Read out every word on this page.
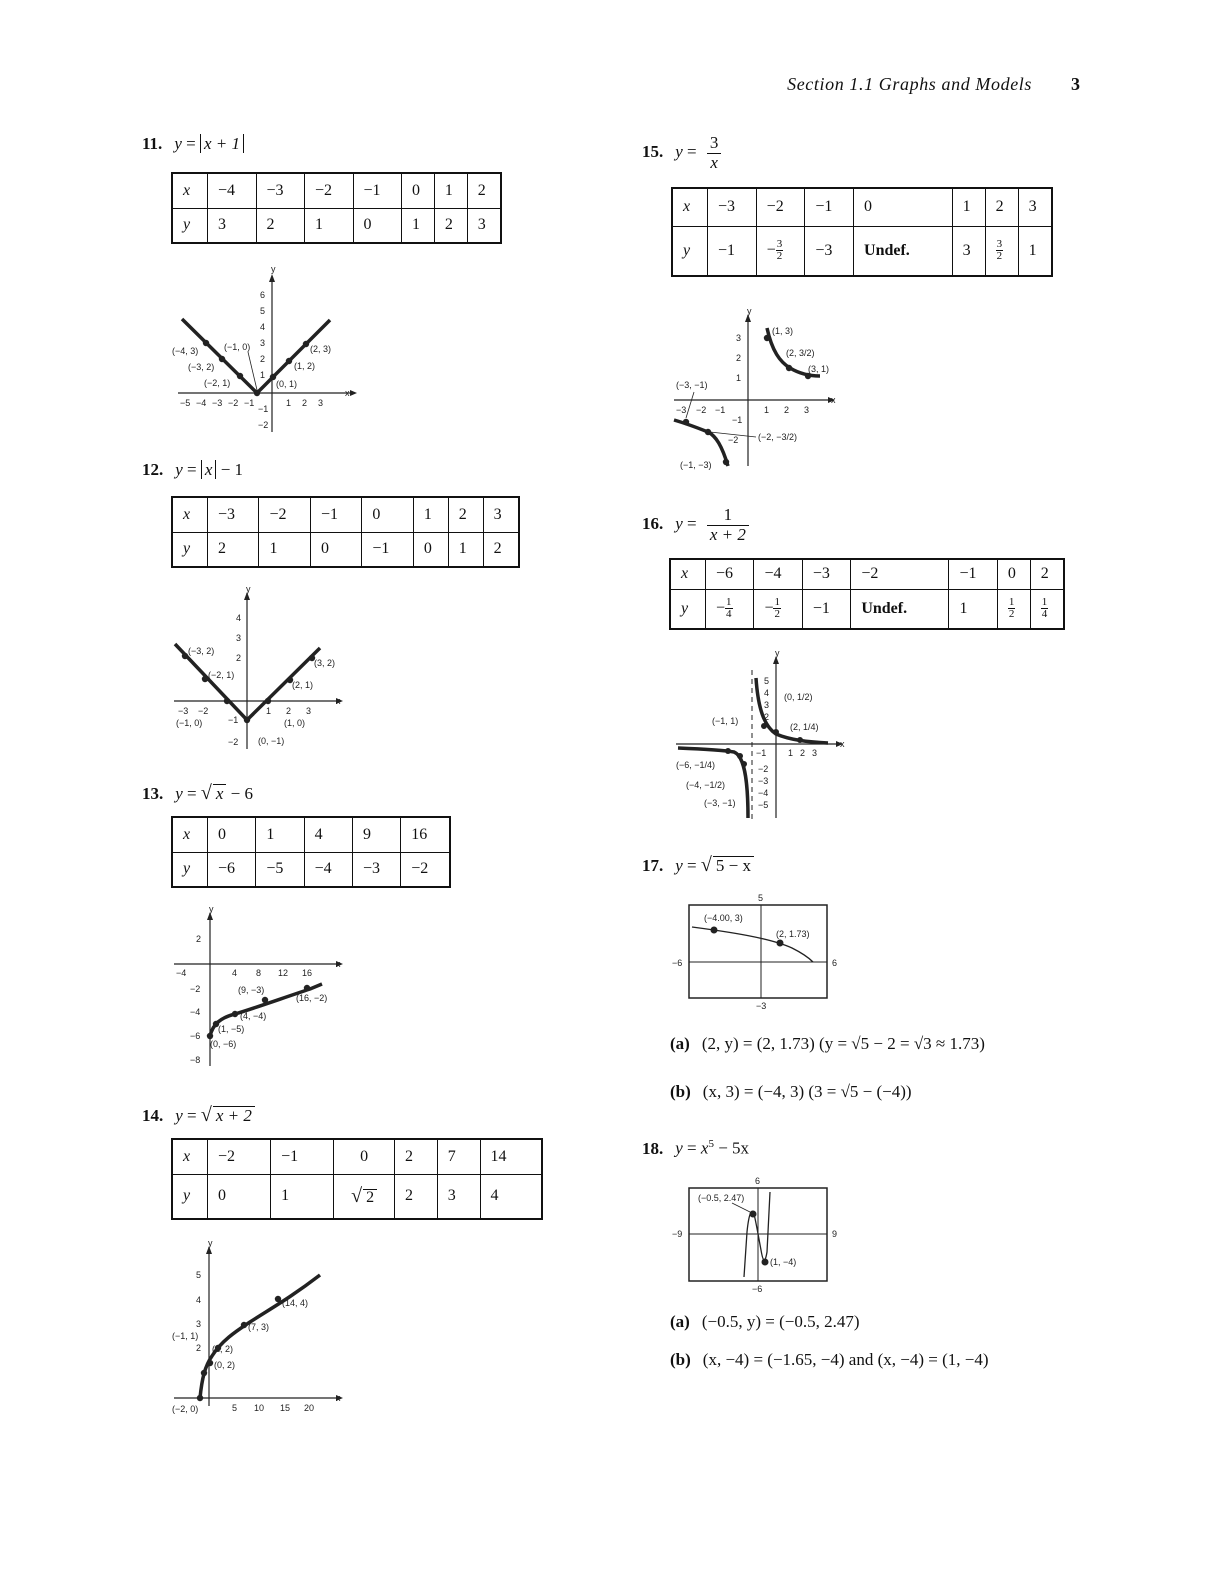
Section 1.1 Graphs and Models 3
11. y = x + 1
x	−4	−3	−2	−1	0	1	2
y	3	2	1	0	1	2	3
x
y
−5 −4 −3 −2 −1	1 2 3
6
5
4
3
2
1
−1
−2
(−4, 3)	(−1, 0)	(2, 3)
(−3, 2)	(1, 2)
(−2, 1)	(0, 1)
12. y = x − 1
x	−3	−2	−1	0	1	2	3
y	2	1	0	−1	0	1	2
x
y
−3 −2	1 2 3
4
3
2
−1
−2
(−3, 2)
(−2, 1)
(3, 2)
(2, 1)
(−1, 0)	(1, 0)
(0, −1)
13. y = √ x − 6
x	0	1	4	9	16
y	−6	−5	−4	−3	−2
x
y
−4	4 8 12 16
2
−2
−4
−6
−8
(9, −3)
(16, −2)
(4, −4)
(1, −5)
(0, −6)
14. y = √ x + 2
x	−2	−1	0	2	7	14
y	0	1	√ 2	2	3	4
x
y
5 10 15 20
5
4
3
2
(14, 4)
(7, 3)
(−1, 1)
(2, 2)
(0, 2)
(−2, 0)
15. $y = \frac{3}{x}$
x	−3	−2	−1	0	1	2	3
y	−1	− $\frac{3}{2}$	−3	Undef.	3	$\frac{3}{2}$	1
x
y
−3 −2 −1	1 2 3
3
2
1
−1
−2
(1, 3)
(2, 3/2)
(3, 1)
(−3, −1)
(−2, −3/2)
(−1, −3)
16. $y = \frac{1}{x + 2}$
x	−6	−4	−3	−2	−1	0	2
y	− $\frac{1}{4}$	− $\frac{1}{2}$	−1	Undef.	1	$\frac{1}{2}$	$\frac{1}{4}$
x
y
−1 1 2 3
5
4
3
2
−2
−3
−4
−5
(0, 1/2)
(−1, 1)
(2, 1/4)
(−6, −1/4)
(−4, −1/2)
(−3, −1)
17. y = √ 5 − x
5
−3
−6	6
(−4.00, 3)
(2, 1.73)
(a) (2, y) = (2, 1.73) (y = √5 − 2 = √3 ≈ 1.73)
(b) (x, 3) = (−4, 3) (3 = √5 − (−4))
18. $y = x^5 - 5x$
6
−6
−9	9
(−0.5, 2.47)
(1, −4)
(a) (−0.5, y) = (−0.5, 2.47)
(b) (x, −4) = (−1.65, −4) and (x, −4) = (1, −4)
